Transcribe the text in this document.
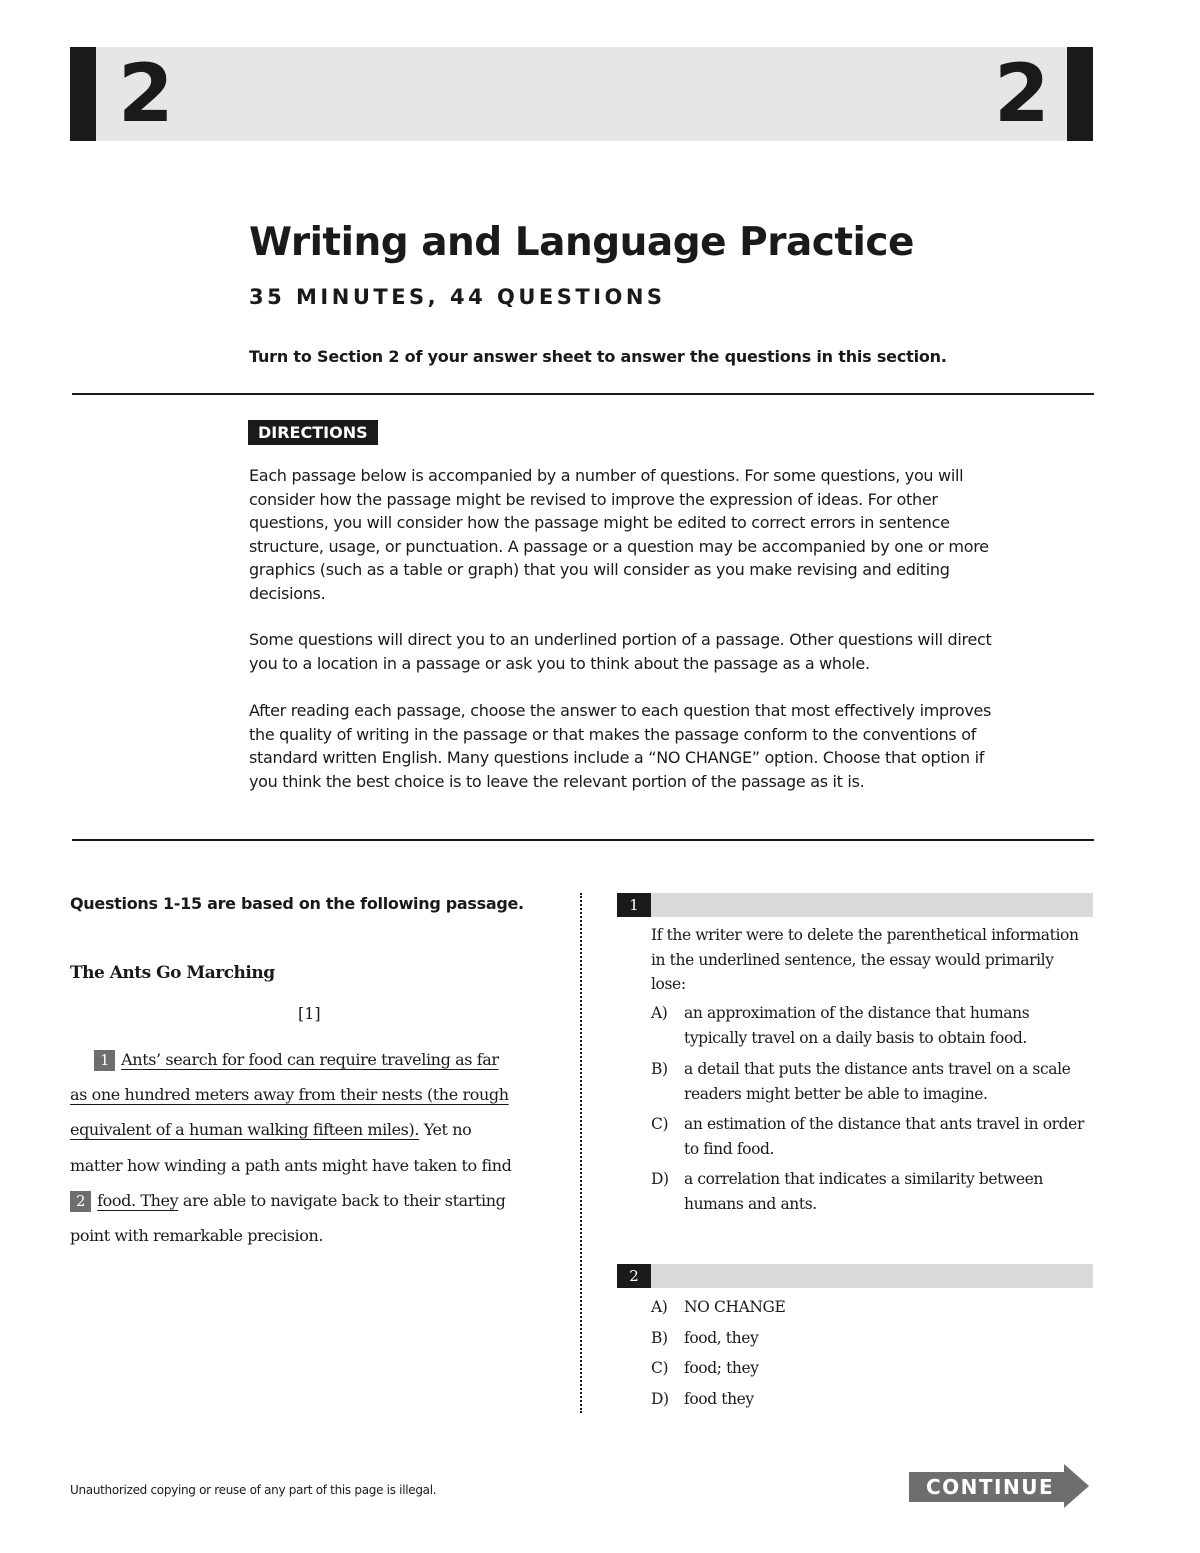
2	2
Writing and Language Practice
35 MINUTES, 44 QUESTIONS
Turn to Section 2 of your answer sheet to answer the questions in this section.
DIRECTIONS

Each passage below is accompanied by a number of questions. For some questions, you will consider how the passage might be revised to improve the expression of ideas. For other questions, you will consider how the passage might be edited to correct errors in sentence structure, usage, or punctuation. A passage or a question may be accompanied by one or more graphics (such as a table or graph) that you will consider as you make revising and editing decisions.

Some questions will direct you to an underlined portion of a passage. Other questions will direct you to a location in a passage or ask you to think about the passage as a whole.

After reading each passage, choose the answer to each question that most effectively improves the quality of writing in the passage or that makes the passage conform to the conventions of standard written English. Many questions include a “NO CHANGE” option. Choose that option if you think the best choice is to leave the relevant portion of the passage as it is.

Questions 1-15 are based on the following passage.
The Ants Go Marching
[1]
1 Ants’ search for food can require traveling as far
as one hundred meters away from their nests (the rough
equivalent of a human walking fifteen miles). Yet no
matter how winding a path ants might have taken to find
2 food. They are able to navigate back to their starting
point with remarkable precision.
1

If the writer were to delete the parenthetical information in the underlined sentence, the essay would primarily lose:

A) an approximation of the distance that humans typically travel on a daily basis to obtain food.
B) a detail that puts the distance ants travel on a scale readers might better be able to imagine.
C) an estimation of the distance that ants travel in order to find food.
D) a correlation that indicates a similarity between humans and ants.
2
A) NO CHANGE
B) food, they
C) food; they
D) food they
Unauthorized copying or reuse of any part of this page is illegal.	CONTINUE
